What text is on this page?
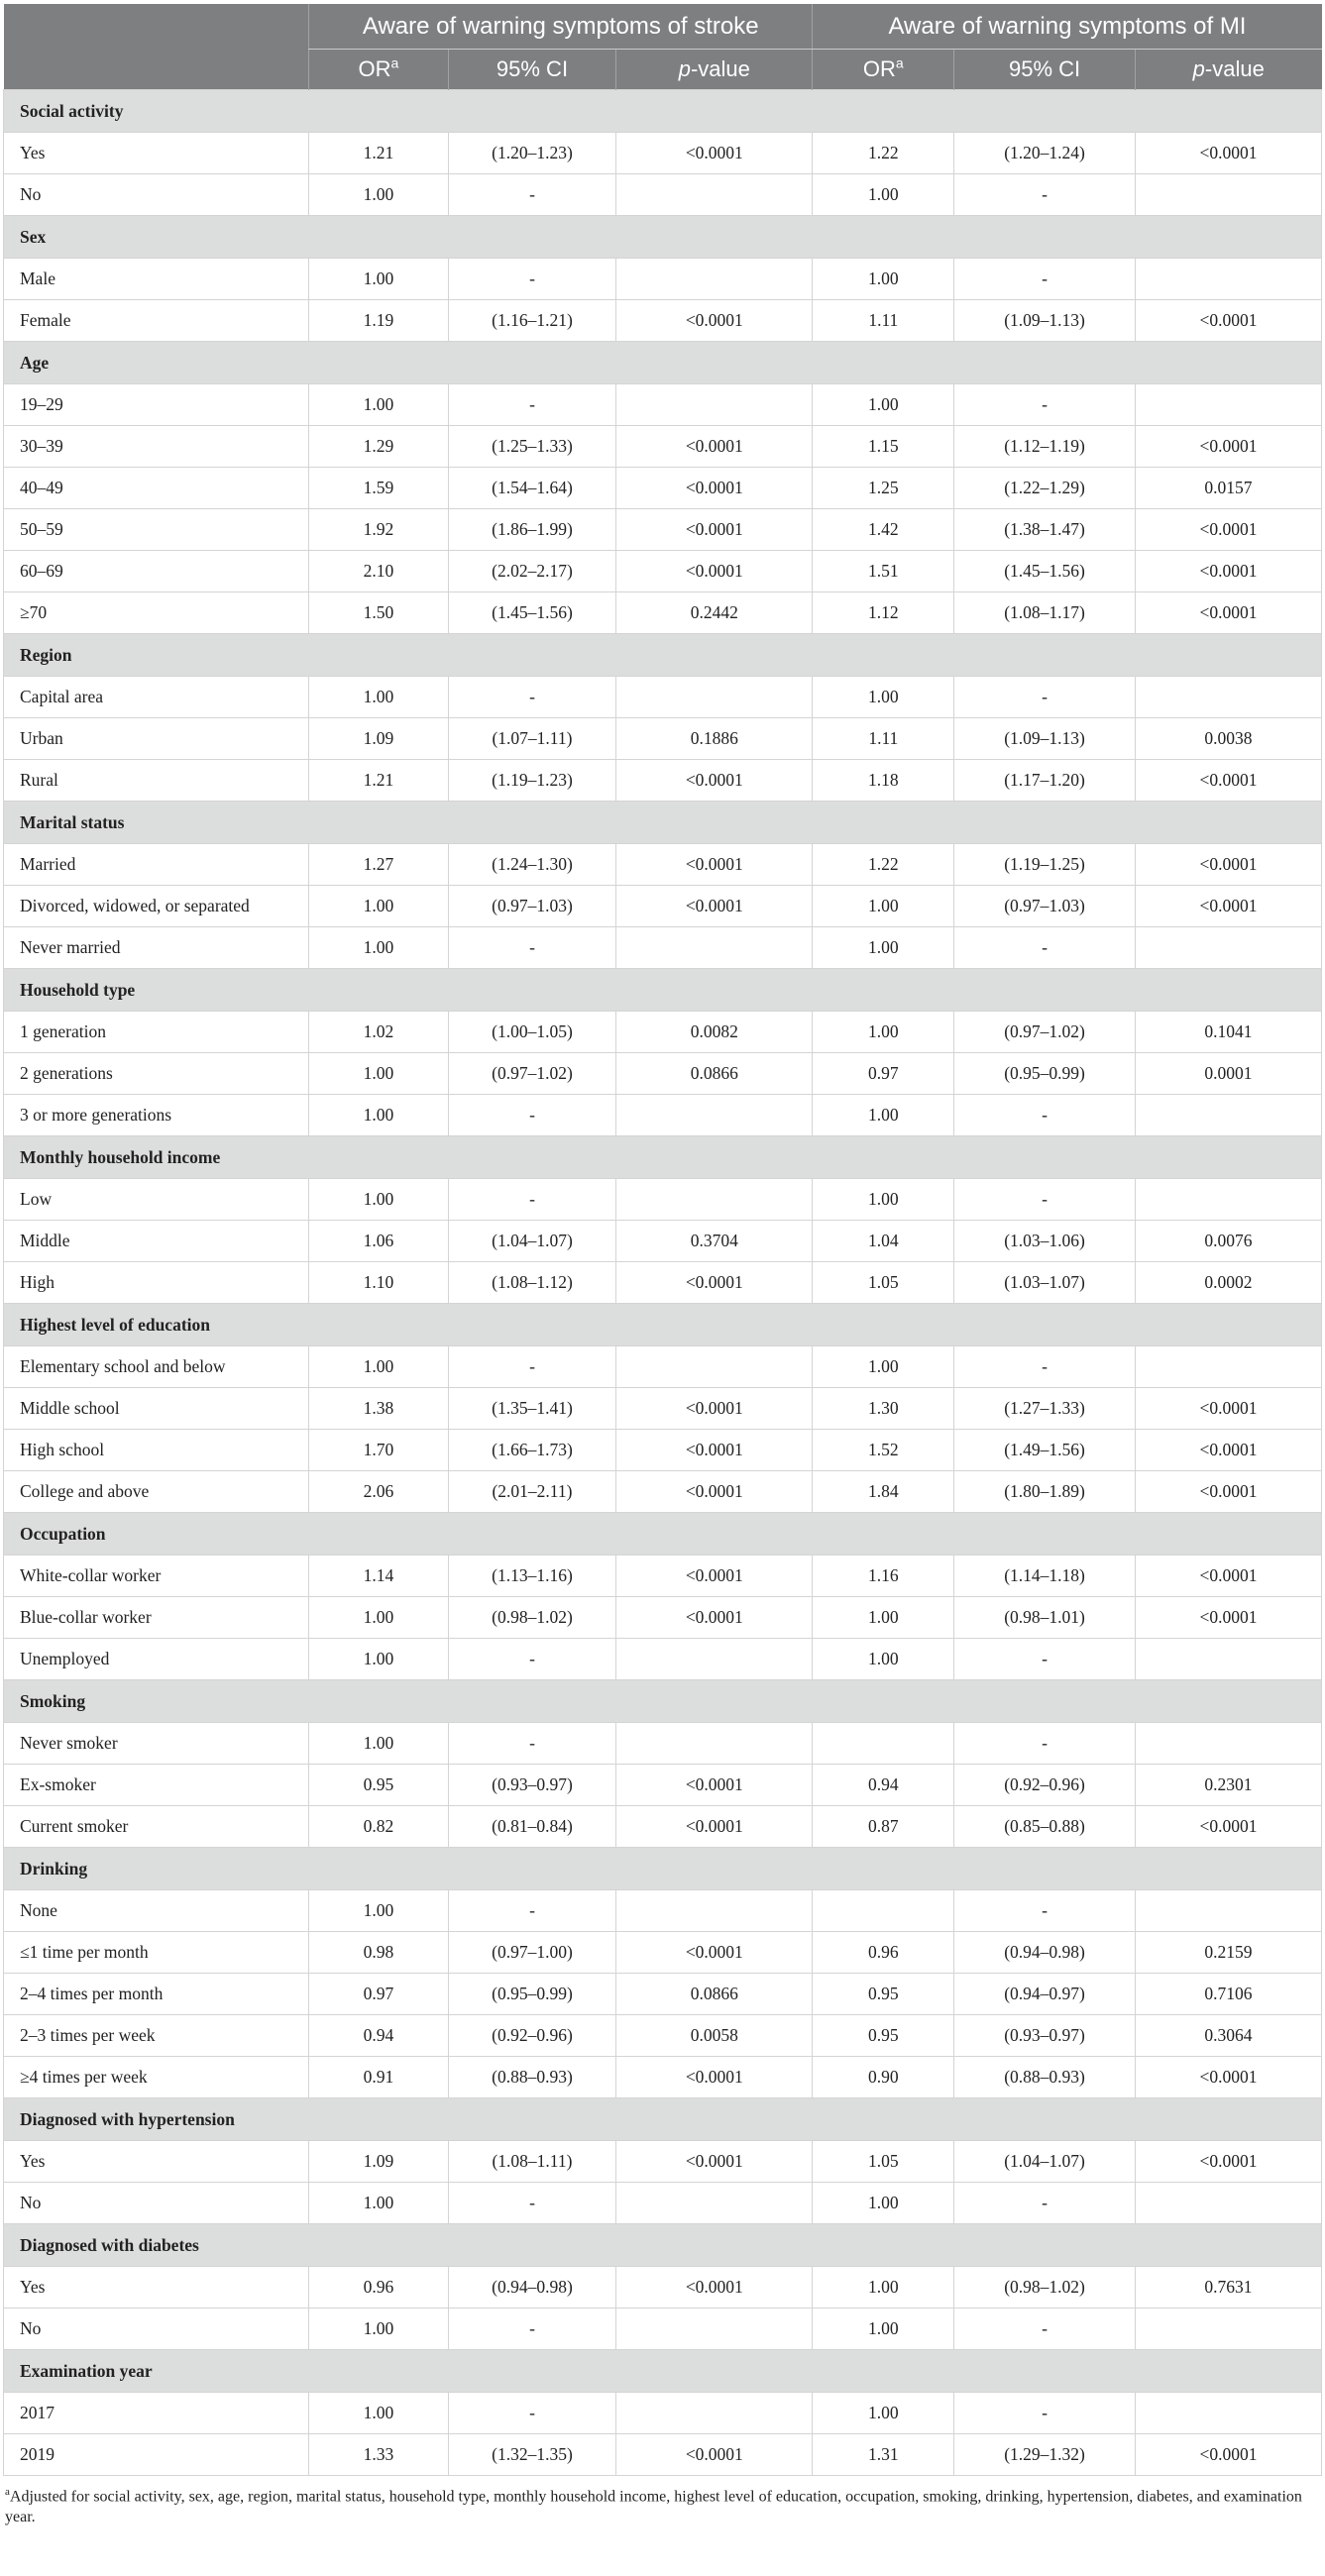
	Aware of warning symptoms of stroke			Aware of warning symptoms of MI		
	$OR^a$	95% CI	p-value	$OR^a$	95% CI	p-value
Social activity						
Yes	1.21	(1.20–1.23)	<0.0001	1.22	(1.20–1.24)	<0.0001
No	1.00	-		1.00	-	
Sex						
Male	1.00	-		1.00	-	
Female	1.19	(1.16–1.21)	<0.0001	1.11	(1.09–1.13)	<0.0001
Age						
19–29	1.00	-		1.00	-	
30–39	1.29	(1.25–1.33)	<0.0001	1.15	(1.12–1.19)	<0.0001
40–49	1.59	(1.54–1.64)	<0.0001	1.25	(1.22–1.29)	0.0157
50–59	1.92	(1.86–1.99)	<0.0001	1.42	(1.38–1.47)	<0.0001
60–69	2.10	(2.02–2.17)	<0.0001	1.51	(1.45–1.56)	<0.0001
≥70	1.50	(1.45–1.56)	0.2442	1.12	(1.08–1.17)	<0.0001
Region						
Capital area	1.00	-		1.00	-	
Urban	1.09	(1.07–1.11)	0.1886	1.11	(1.09–1.13)	0.0038
Rural	1.21	(1.19–1.23)	<0.0001	1.18	(1.17–1.20)	<0.0001
Marital status						
Married	1.27	(1.24–1.30)	<0.0001	1.22	(1.19–1.25)	<0.0001
Divorced, widowed, or separated	1.00	(0.97–1.03)	<0.0001	1.00	(0.97–1.03)	<0.0001
Never married	1.00	-		1.00	-	
Household type						
1 generation	1.02	(1.00–1.05)	0.0082	1.00	(0.97–1.02)	0.1041
2 generations	1.00	(0.97–1.02)	0.0866	0.97	(0.95–0.99)	0.0001
3 or more generations	1.00	-		1.00	-	
Monthly household income						
Low	1.00	-		1.00	-	
Middle	1.06	(1.04–1.07)	0.3704	1.04	(1.03–1.06)	0.0076
High	1.10	(1.08–1.12)	<0.0001	1.05	(1.03–1.07)	0.0002
Highest level of education						
Elementary school and below	1.00	-		1.00	-	
Middle school	1.38	(1.35–1.41)	<0.0001	1.30	(1.27–1.33)	<0.0001
High school	1.70	(1.66–1.73)	<0.0001	1.52	(1.49–1.56)	<0.0001
College and above	2.06	(2.01–2.11)	<0.0001	1.84	(1.80–1.89)	<0.0001
Occupation						
White-collar worker	1.14	(1.13–1.16)	<0.0001	1.16	(1.14–1.18)	<0.0001
Blue-collar worker	1.00	(0.98–1.02)	<0.0001	1.00	(0.98–1.01)	<0.0001
Unemployed	1.00	-		1.00	-	
Smoking						
Never smoker	1.00	-			-	
Ex-smoker	0.95	(0.93–0.97)	<0.0001	0.94	(0.92–0.96)	0.2301
Current smoker	0.82	(0.81–0.84)	<0.0001	0.87	(0.85–0.88)	<0.0001
Drinking						
None	1.00	-			-	
≤1 time per month	0.98	(0.97–1.00)	<0.0001	0.96	(0.94–0.98)	0.2159
2–4 times per month	0.97	(0.95–0.99)	0.0866	0.95	(0.94–0.97)	0.7106
2–3 times per week	0.94	(0.92–0.96)	0.0058	0.95	(0.93–0.97)	0.3064
≥4 times per week	0.91	(0.88–0.93)	<0.0001	0.90	(0.88–0.93)	<0.0001
Diagnosed with hypertension						
Yes	1.09	(1.08–1.11)	<0.0001	1.05	(1.04–1.07)	<0.0001
No	1.00	-		1.00	-	
Diagnosed with diabetes						
Yes	0.96	(0.94–0.98)	<0.0001	1.00	(0.98–1.02)	0.7631
No	1.00	-		1.00	-	
Examination year						
2017	1.00	-		1.00	-	
2019	1.33	(1.32–1.35)	<0.0001	1.31	(1.29–1.32)	<0.0001
$^a$Adjusted for social activity, sex, age, region, marital status, household type, monthly household income, highest level of education, occupation, smoking, drinking, hypertension, diabetes, and examination year.
